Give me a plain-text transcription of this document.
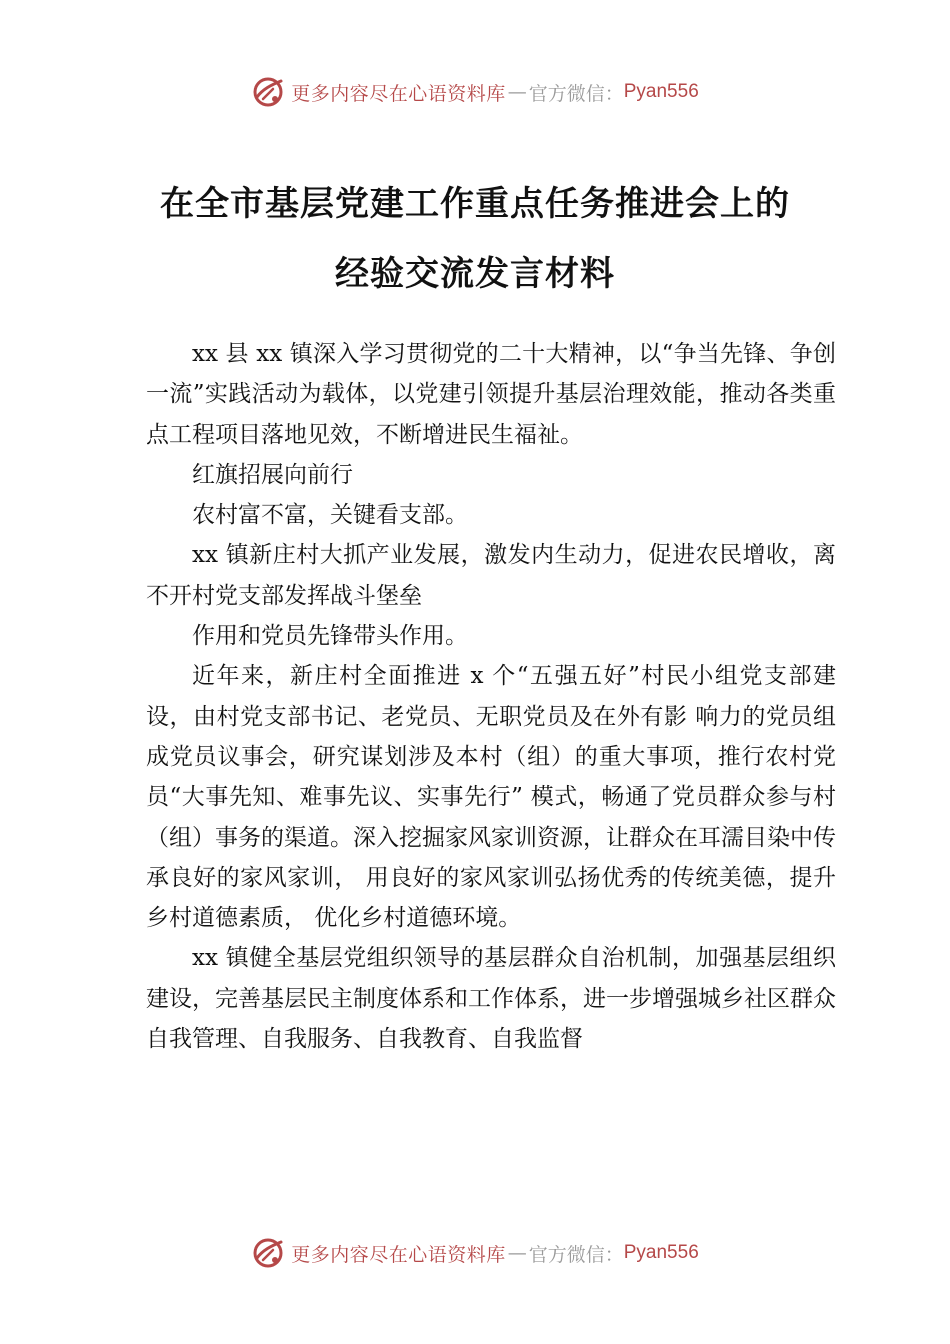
更多内容尽在心语资料库 — 官方微信： Pyan556
在全市基层党建工作重点任务推进会上的
经验交流发言材料

xx 县 xx 镇深入学习贯彻党的二十大精神，以“争当先锋、争创一流”实践活动为载体，以党建引领提升基层治理效能，推动各类重点工程项目落地见效，不断增进民生福祉。

红旗招展向前行

农村富不富，关键看支部。

xx 镇新庄村大抓产业发展，激发内生动力，促进农民增收，离不开村党支部发挥战斗堡垒

作用和党员先锋带头作用。

近年来，新庄村全面推进 x 个“五强五好”村民小组党支部建设，由村党支部书记、老党员、无职党员及在外有影 响力的党员组成党员议事会，研究谋划涉及本村（组）的重大事项，推行农村党员“大事先知、难事先议、实事先行” 模式，畅通了党员群众参与村（组）事务的渠道。深入挖掘家风家训资源，让群众在耳濡目染中传承良好的家风家训， 用良好的家风家训弘扬优秀的传统美德，提升乡村道德素质， 优化乡村道德环境。

xx 镇健全基层党组织领导的基层群众自治机制，加强基层组织建设，完善基层民主制度体系和工作体系，进一步增强城乡社区群众自我管理、自我服务、自我教育、自我监督

更多内容尽在心语资料库 — 官方微信： Pyan556
